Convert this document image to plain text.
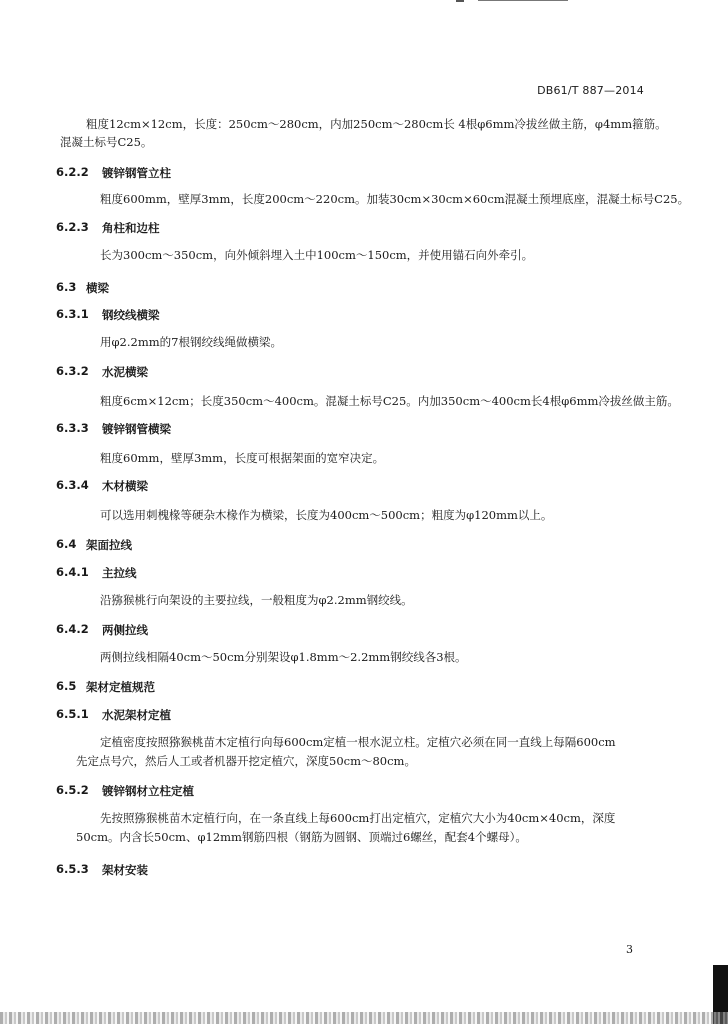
DB61/T 887—2014
粗度12cm×12cm，长度：250cm～280cm，内加250cm～280cm长 4根φ6mm冷拔丝做主筋，φ4mm箍筋。
混凝土标号C25。
6.2.2 镀锌钢管立柱
粗度600mm，壁厚3mm，长度200cm～220cm。加装30cm×30cm×60cm混凝土预埋底座，混凝土标号C25。
6.2.3 角柱和边柱
长为300cm～350cm，向外倾斜埋入土中100cm～150cm，并使用锚石向外牵引。
6.3 横梁
6.3.1 钢绞线横梁
用φ2.2mm的7根钢绞线绳做横梁。
6.3.2 水泥横梁
粗度6cm×12cm；长度350cm～400cm。混凝土标号C25。内加350cm～400cm长4根φ6mm冷拔丝做主筋。
6.3.3 镀锌钢管横梁
粗度60mm，壁厚3mm，长度可根据架面的宽窄决定。
6.3.4 木材横梁
可以选用刺槐椽等硬杂木椽作为横梁，长度为400cm～500cm；粗度为φ120mm以上。
6.4 架面拉线
6.4.1 主拉线
沿猕猴桃行向架设的主要拉线，一般粗度为φ2.2mm钢绞线。
6.4.2 两侧拉线
两侧拉线相隔40cm～50cm分别架设φ1.8mm～2.2mm钢绞线各3根。
6.5 架材定植规范
6.5.1 水泥架材定植
定植密度按照猕猴桃苗木定植行向每600cm定植一根水泥立柱。定植穴必须在同一直线上每隔600cm
先定点号穴，然后人工或者机器开挖定植穴，深度50cm～80cm。
6.5.2 镀锌钢材立柱定植
先按照猕猴桃苗木定植行向，在一条直线上每600cm打出定植穴，定植穴大小为40cm×40cm，深度
50cm。内含长50cm、φ12mm钢筋四根（钢筋为圆钢、顶端过6螺丝，配套4个螺母）。
6.5.3 架材安装
3
